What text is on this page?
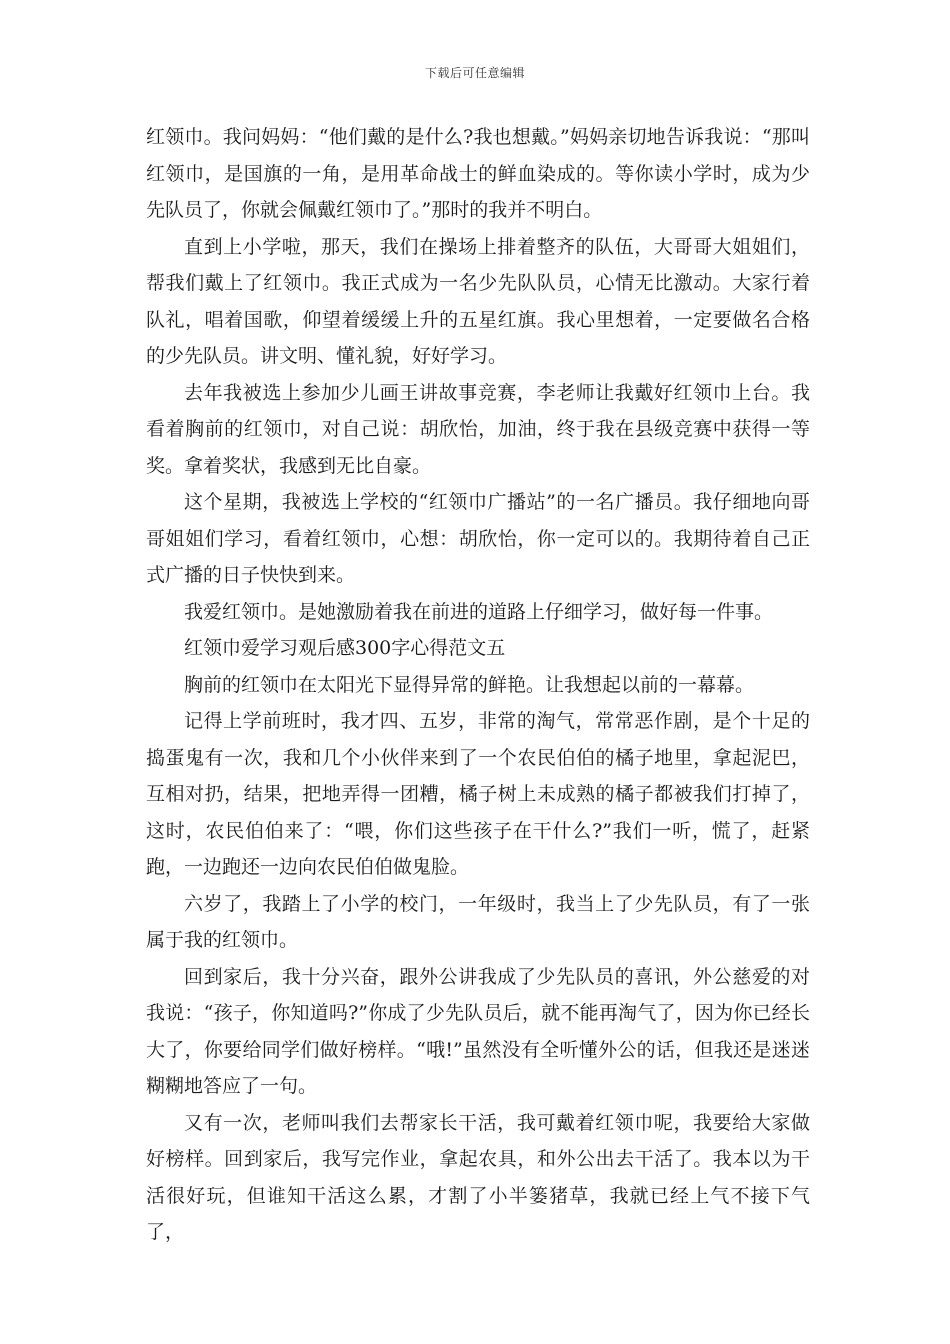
下载后可任意编辑

红领巾。我问妈妈：“他们戴的是什么?我也想戴。”妈妈亲切地告诉我说：“那叫红领巾，是国旗的一角，是用革命战士的鲜血染成的。等你读小学时，成为少先队员了，你就会佩戴红领巾了。”那时的我并不明白。

直到上小学啦，那天，我们在操场上排着整齐的队伍，大哥哥大姐姐们，帮我们戴上了红领巾。我正式成为一名少先队队员，心情无比激动。大家行着队礼，唱着国歌，仰望着缓缓上升的五星红旗。我心里想着，一定要做名合格的少先队员。讲文明、懂礼貌，好好学习。

去年我被选上参加少儿画王讲故事竞赛，李老师让我戴好红领巾上台。我看着胸前的红领巾，对自己说：胡欣怡，加油，终于我在县级竞赛中获得一等奖。拿着奖状，我感到无比自豪。

这个星期，我被选上学校的“红领巾广播站”的一名广播员。我仔细地向哥哥姐姐们学习，看着红领巾，心想：胡欣怡，你一定可以的。我期待着自己正式广播的日子快快到来。

我爱红领巾。是她激励着我在前进的道路上仔细学习，做好每一件事。

红领巾爱学习观后感300字心得范文五

胸前的红领巾在太阳光下显得异常的鲜艳。让我想起以前的一幕幕。

记得上学前班时，我才四、五岁，非常的淘气，常常恶作剧，是个十足的捣蛋鬼有一次，我和几个小伙伴来到了一个农民伯伯的橘子地里，拿起泥巴，互相对扔，结果，把地弄得一团糟，橘子树上未成熟的橘子都被我们打掉了，这时，农民伯伯来了：“喂，你们这些孩子在干什么?”我们一听，慌了，赶紧跑，一边跑还一边向农民伯伯做鬼脸。

六岁了，我踏上了小学的校门，一年级时，我当上了少先队员，有了一张属于我的红领巾。

回到家后，我十分兴奋，跟外公讲我成了少先队员的喜讯，外公慈爱的对我说：“孩子，你知道吗?”你成了少先队员后，就不能再淘气了，因为你已经长大了，你要给同学们做好榜样。“哦!”虽然没有全听懂外公的话，但我还是迷迷糊糊地答应了一句。

又有一次，老师叫我们去帮家长干活，我可戴着红领巾呢，我要给大家做好榜样。回到家后，我写完作业，拿起农具，和外公出去干活了。我本以为干活很好玩，但谁知干活这么累，才割了小半篓猪草，我就已经上气不接下气了，
